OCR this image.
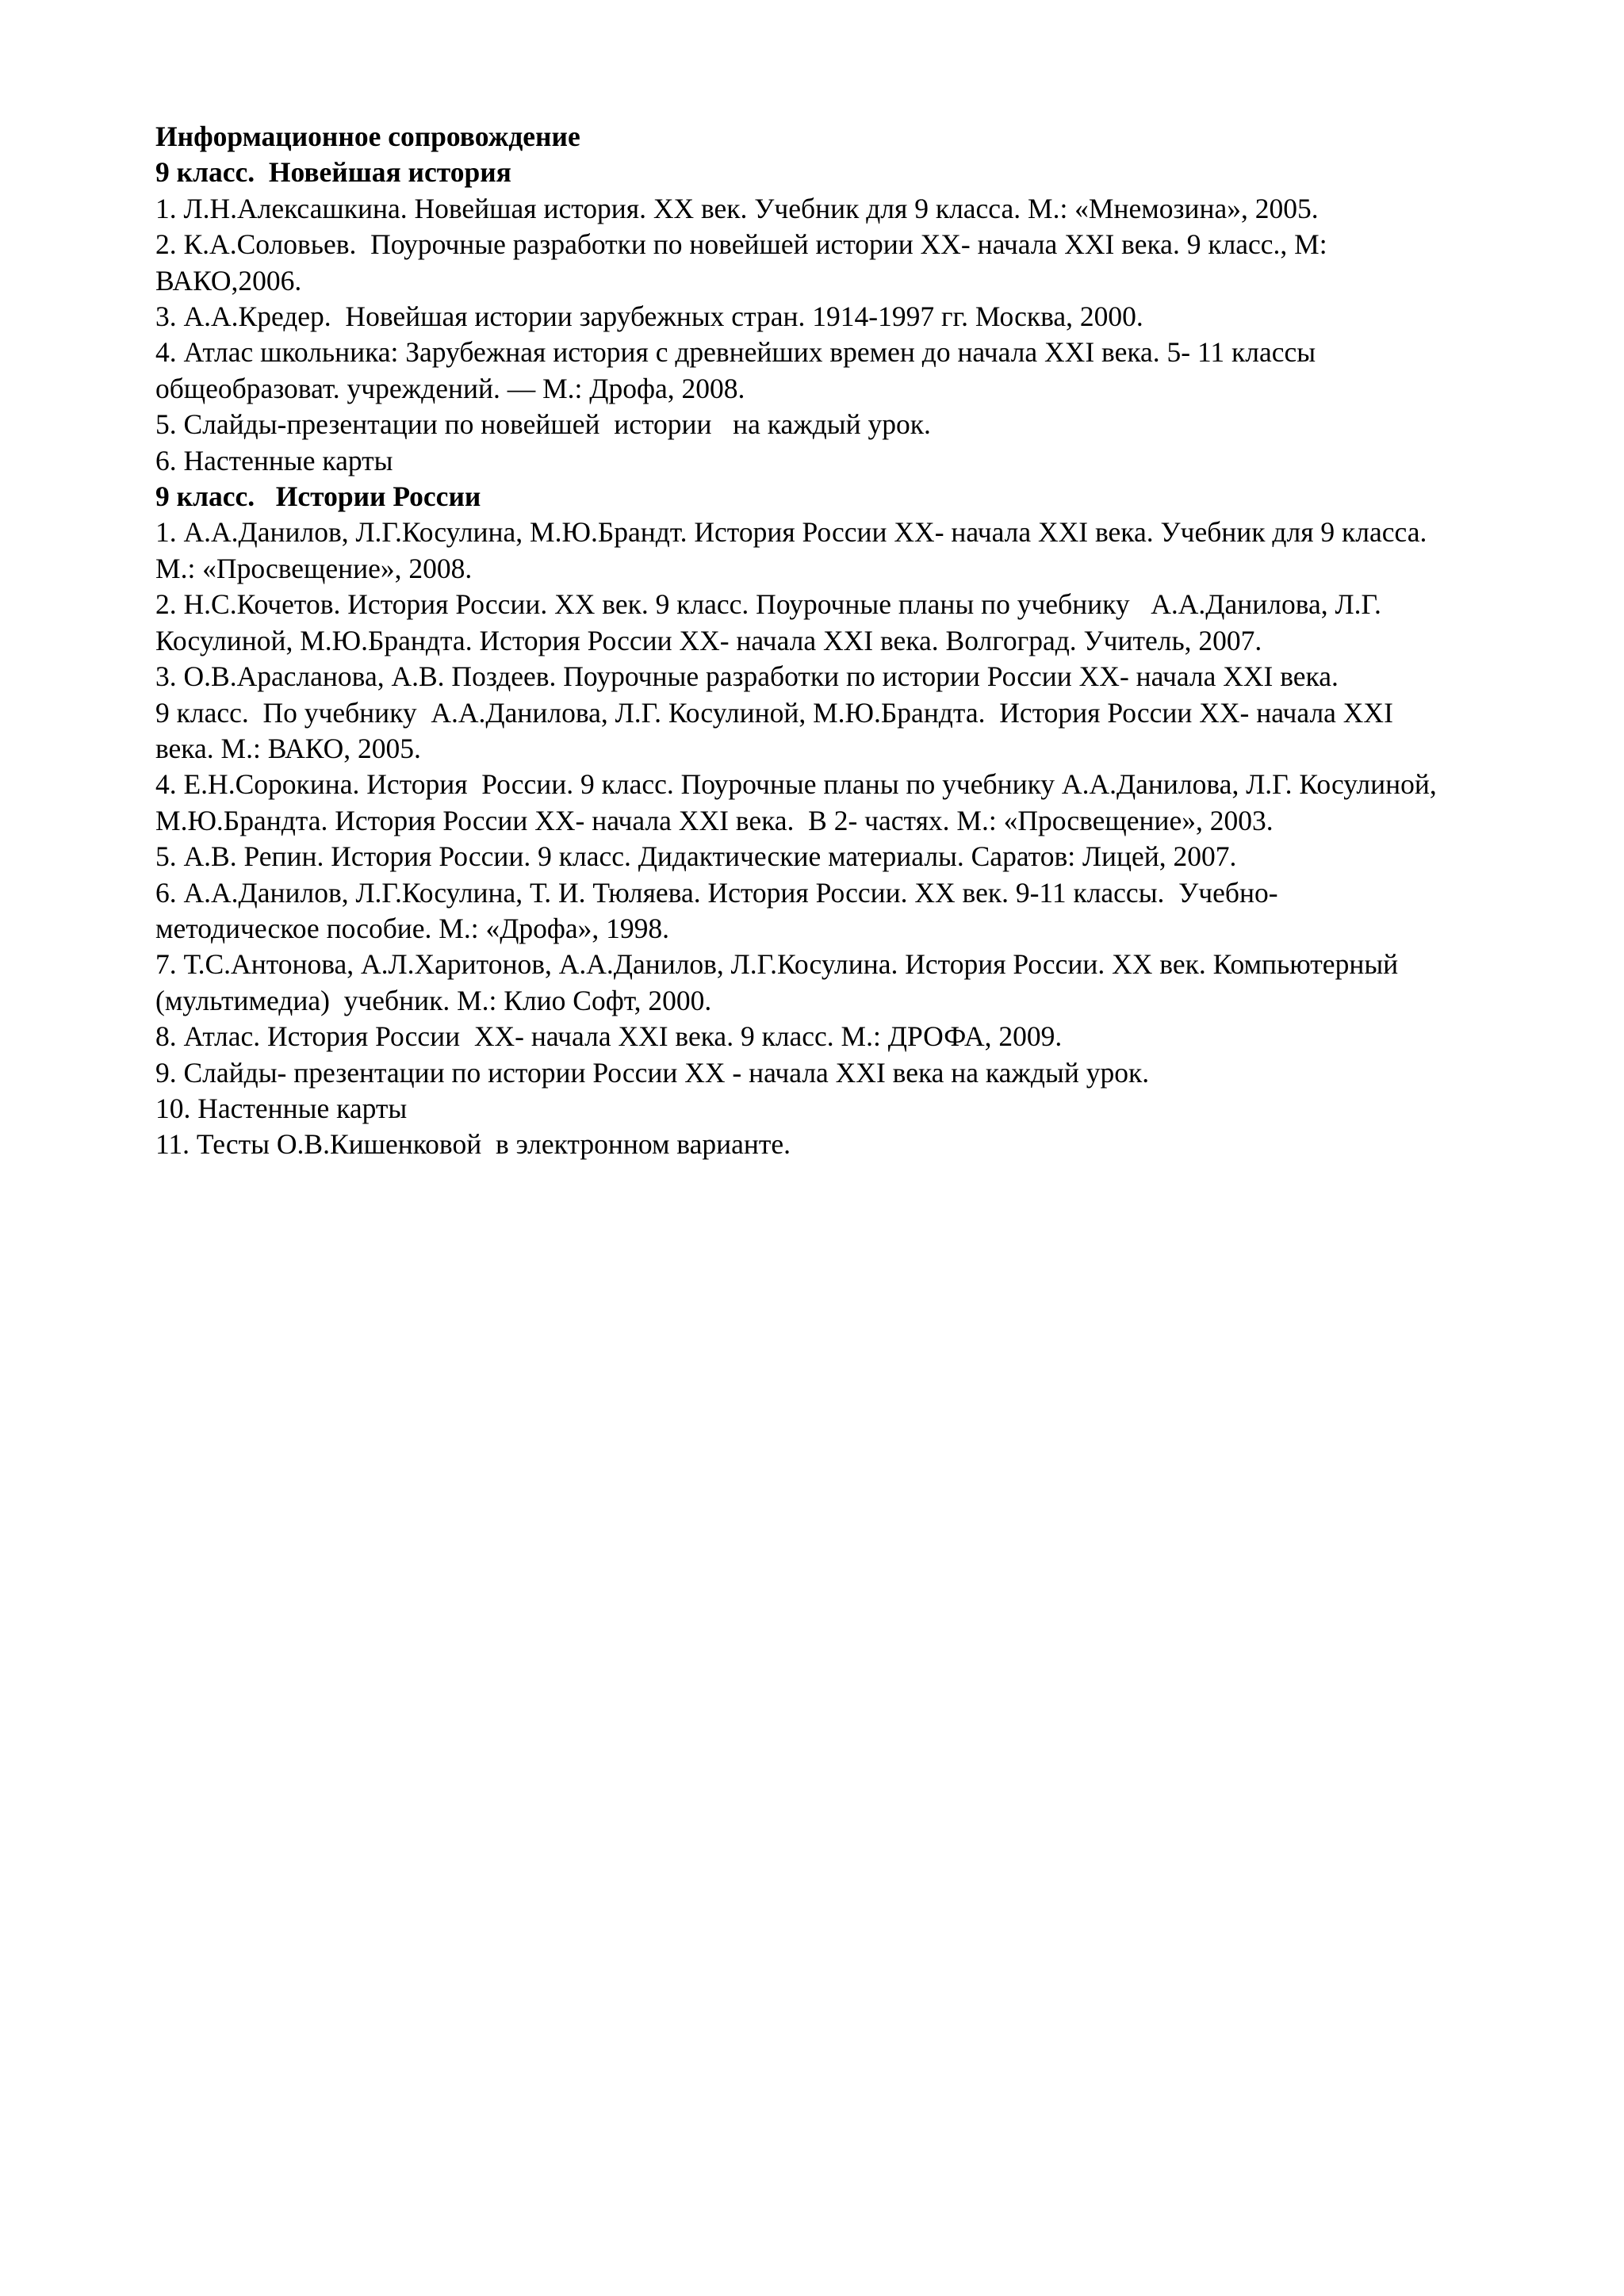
Информационное сопровождение
9 класс.  Новейшая история
1. Л.Н.Алексашкина. Новейшая история. XX век. Учебник для 9 класса. М.: «Мнемозина», 2005.
2. К.А.Соловьев.  Поурочные разработки по новейшей истории XX- начала XXI века. 9 класс., М:
ВАКО,2006.
3. А.А.Кредер.  Новейшая истории зарубежных стран. 1914-1997 гг. Москва, 2000.
4. Атлас школьника: Зарубежная история с древнейших времен до начала XXI века. 5- 11 классы
общеобразоват. учреждений. — М.: Дрофа, 2008.
5. Слайды-презентации по новейшей  истории   на каждый урок.
6. Настенные карты
9 класс.   Истории России
1. А.А.Данилов, Л.Г.Косулина, М.Ю.Брандт. История России XX- начала XXI века. Учебник для 9 класса.
М.: «Просвещение», 2008.
2. Н.С.Кочетов. История России. XX век. 9 класс. Поурочные планы по учебнику   А.А.Данилова, Л.Г.
Косулиной, М.Ю.Брандта. История России XX- начала XXI века. Волгоград. Учитель, 2007.
3. О.В.Арасланова, А.В. Поздеев. Поурочные разработки по истории России XX- начала XXI века.
9 класс.  По учебнику  А.А.Данилова, Л.Г. Косулиной, М.Ю.Брандта.  История России XX- начала XXI
века. М.: ВАКО, 2005.
4. Е.Н.Сорокина. История  России. 9 класс. Поурочные планы по учебнику А.А.Данилова, Л.Г. Косулиной,
М.Ю.Брандта. История России XX- начала XXI века.  В 2- частях. М.: «Просвещение», 2003.
5. А.В. Репин. История России. 9 класс. Дидактические материалы. Саратов: Лицей, 2007.
6. А.А.Данилов, Л.Г.Косулина, Т. И. Тюляева. История России. XX век. 9-11 классы.  Учебно-
методическое пособие. М.: «Дрофа», 1998.
7. Т.С.Антонова, А.Л.Харитонов, А.А.Данилов, Л.Г.Косулина. История России. XX век. Компьютерный
(мультимедиа)  учебник. М.: Клио Софт, 2000.
8. Атлас. История России  XX- начала XXI века. 9 класс. М.: ДРОФА, 2009.
9. Слайды- презентации по истории России XX - начала XXI века на каждый урок.
10. Настенные карты
11. Тесты О.В.Кишенковой  в электронном варианте.
